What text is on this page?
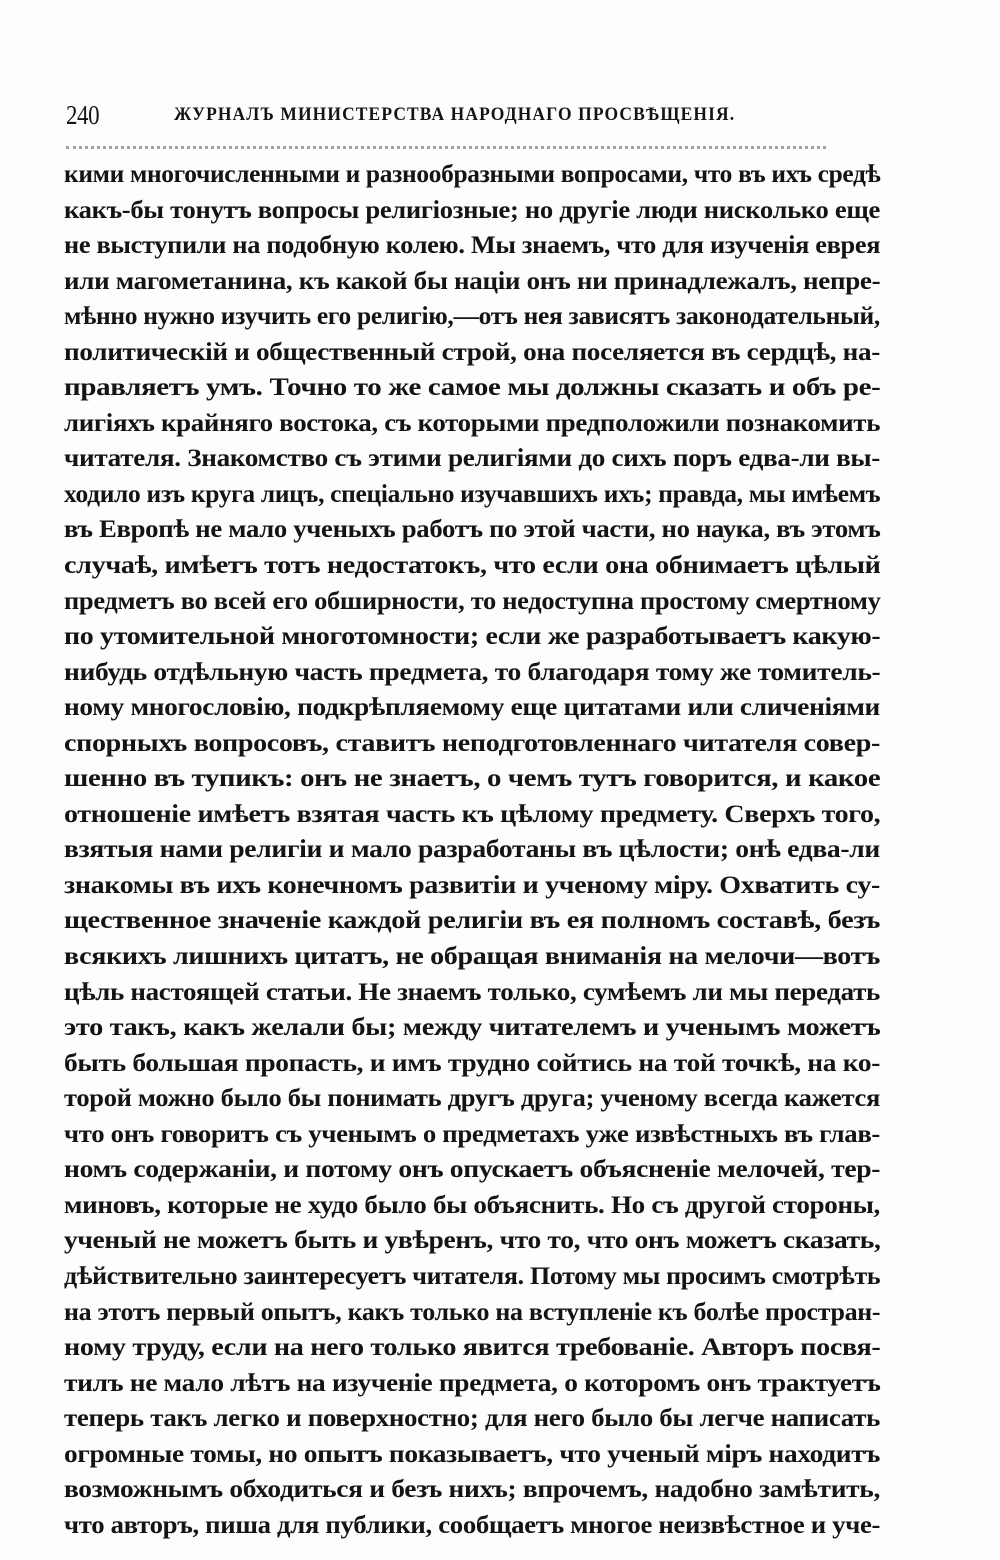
240	ЖУРНАЛЪ МИНИСТЕРСТВА НАРОДНАГО ПРОСВѢЩЕНІЯ.
кими многочисленными и разнообразными вопросами, что въ ихъ средѣ
какъ-бы тонутъ вопросы религіозные; но другіе люди нисколько еще
не выступили на подобную колею. Мы знаемъ, что для изученія еврея
или магометанина, къ какой бы націи онъ ни принадлежалъ, непре-
мѣнно нужно изучить его религію,—отъ нея зависятъ законодательный,
политическій и общественный строй, она поселяется въ сердцѣ, на-
правляетъ умъ. Точно то же самое мы должны сказать и объ ре-
лигіяхъ крайняго востока, съ которыми предположили познакомить
читателя. Знакомство съ этими религіями до сихъ поръ едва-ли вы-
ходило изъ круга лицъ, спеціально изучавшихъ ихъ; правда, мы имѣемъ
въ Европѣ не мало ученыхъ работъ по этой части, но наука, въ этомъ
случаѣ, имѣетъ тотъ недостатокъ, что если она обнимаетъ цѣлый
предметъ во всей его обширности, то недоступна простому смертному
по утомительной многотомности; если же разработываетъ какую-
нибудь отдѣльную часть предмета, то благодаря тому же томитель-
ному многословію, подкрѣпляемому еще цитатами или сличеніями
спорныхъ вопросовъ, ставитъ неподготовленнаго читателя совер-
шенно въ тупикъ: онъ не знаетъ, о чемъ тутъ говорится, и какое
отношеніе имѣетъ взятая часть къ цѣлому предмету. Сверхъ того,
взятыя нами религіи и мало разработаны въ цѣлости; онѣ едва-ли
знакомы въ ихъ конечномъ развитіи и ученому міру. Охватить су-
щественное значеніе каждой религіи въ ея полномъ составѣ, безъ
всякихъ лишнихъ цитатъ, не обращая вниманія на мелочи—вотъ
цѣль настоящей статьи. Не знаемъ только, сумѣемъ ли мы передать
это такъ, какъ желали бы; между читателемъ и ученымъ можетъ
быть большая пропасть, и имъ трудно сойтись на той точкѣ, на ко-
торой можно было бы понимать другъ друга; ученому всегда кажется
что онъ говоритъ съ ученымъ о предметахъ уже извѣстныхъ въ глав-
номъ содержаніи, и потому онъ опускаетъ объясненіе мелочей, тер-
миновъ, которые не худо было бы объяснить. Но съ другой стороны,
ученый не можетъ быть и увѣренъ, что то, что онъ можетъ сказать,
дѣйствительно заинтересуетъ читателя. Потому мы просимъ смотрѣть
на этотъ первый опытъ, какъ только на вступленіе къ болѣе простран-
ному труду, если на него только явится требованіе. Авторъ посвя-
тилъ не мало лѣтъ на изученіе предмета, о которомъ онъ трактуетъ
теперь такъ легко и поверхностно; для него было бы легче написать
огромные томы, но опытъ показываетъ, что ученый міръ находитъ
возможнымъ обходиться и безъ нихъ; впрочемъ, надобно замѣтить,
что авторъ, пиша для публики, сообщаетъ многое неизвѣстное и уче-
